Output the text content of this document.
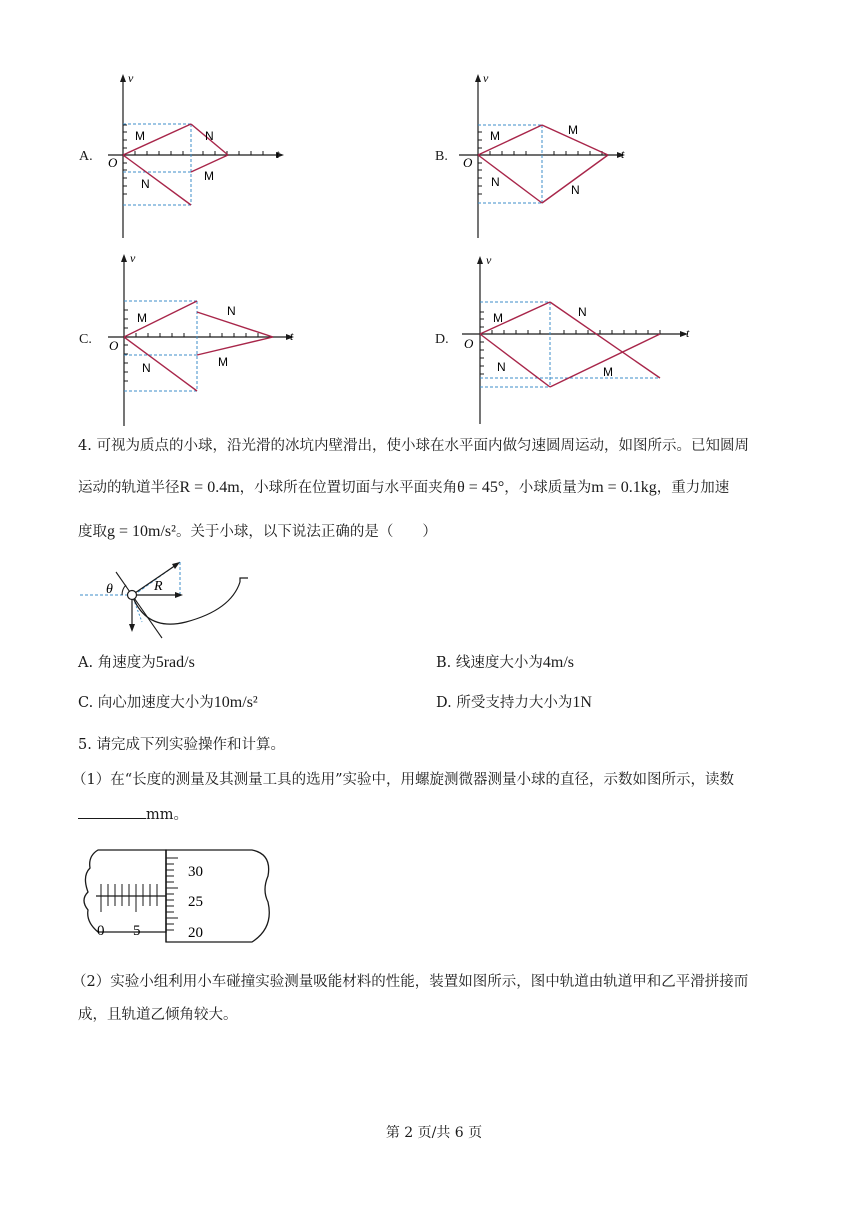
A.
v
t
O
M	N
M
N
B.
v
t
O
M	M
N
N
C.
v
t
O
M	N
M
N
D.
v
t
O
M	N
M
N
4. 可视为质点的小球，沿光滑的冰坑内壁滑出，使小球在水平面内做匀速圆周运动，如图所示。已知圆周
运动的轨道半径R = 0.4m，小球所在位置切面与水平面夹角θ = 45°，小球质量为m = 0.1kg，重力加速
度取g = 10m/s²。关于小球，以下说法正确的是（　　）
θ	R
A. 角速度为5rad/s	B. 线速度大小为4m/s
C. 向心加速度大小为10m/s²	D. 所受支持力大小为1N
5. 请完成下列实验操作和计算。
（1）在“长度的测量及其测量工具的选用”实验中，用螺旋测微器测量小球的直径，示数如图所示，读数
mm。
30
25
20
0 5
（2）实验小组利用小车碰撞实验测量吸能材料的性能，装置如图所示，图中轨道由轨道甲和乙平滑拼接而
成，且轨道乙倾角较大。
第 2 页/共 6 页
